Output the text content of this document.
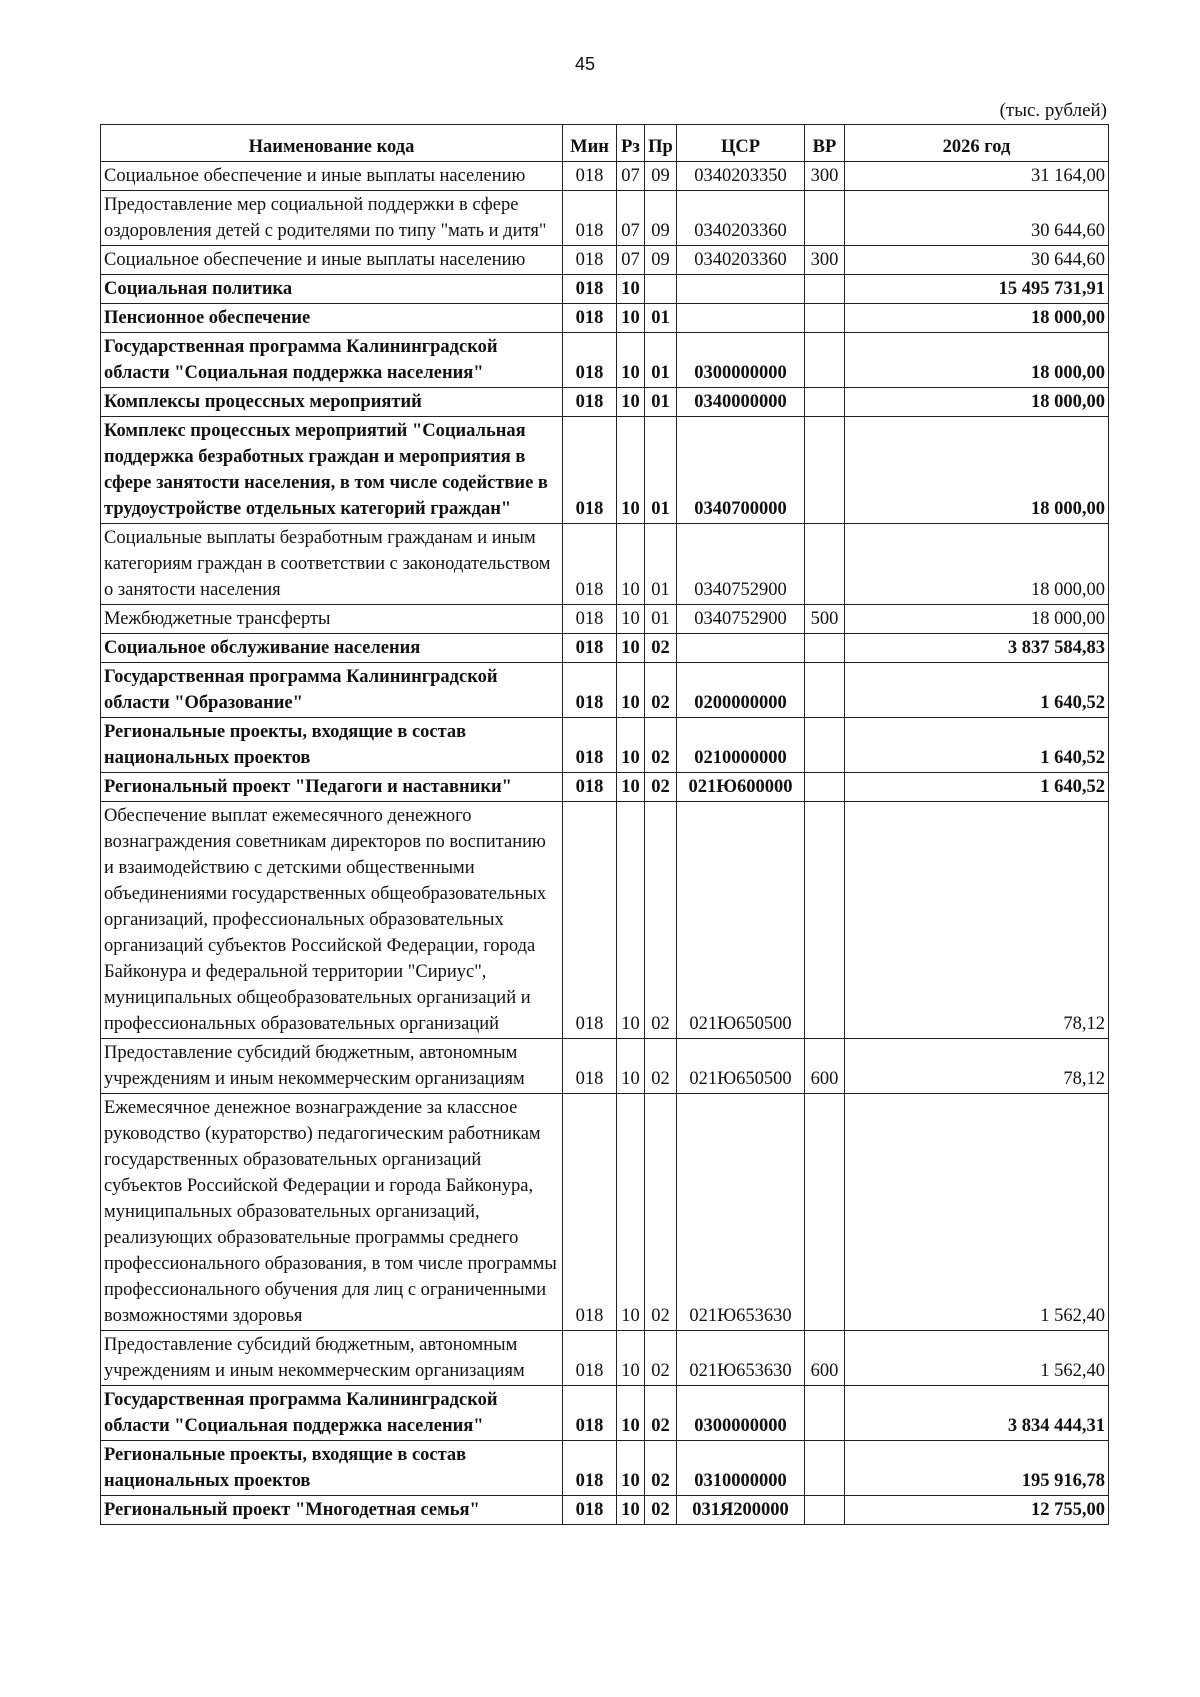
45
(тыс. рублей)
Наименование кода	Мин	Рз	Пр	ЦСР	ВР	2026 год
Социальное обеспечение и иные выплаты населению	018	07	09	0340203350	300	31 164,00
Предоставление мер социальной поддержки в сфере оздоровления детей с родителями по типу "мать и дитя"	018	07	09	0340203360		30 644,60
Социальное обеспечение и иные выплаты населению	018	07	09	0340203360	300	30 644,60
Социальная политика	018	10				15 495 731,91
Пенсионное обеспечение	018	10	01			18 000,00
Государственная программа Калининградской области "Социальная поддержка населения"	018	10	01	0300000000		18 000,00
Комплексы процессных мероприятий	018	10	01	0340000000		18 000,00
Комплекс процессных мероприятий "Социальная поддержка безработных граждан и мероприятия в сфере занятости населения, в том числе содействие в трудоустройстве отдельных категорий граждан"	018	10	01	0340700000		18 000,00
Социальные выплаты безработным гражданам и иным категориям граждан в соответствии с законодательством о занятости населения	018	10	01	0340752900		18 000,00
Межбюджетные трансферты	018	10	01	0340752900	500	18 000,00
Социальное обслуживание населения	018	10	02			3 837 584,83
Государственная программа Калининградской области "Образование"	018	10	02	0200000000		1 640,52
Региональные проекты, входящие в состав национальных проектов	018	10	02	0210000000		1 640,52
Региональный проект "Педагоги и наставники"	018	10	02	021Ю600000		1 640,52
Обеспечение выплат ежемесячного денежного вознаграждения советникам директоров по воспитанию и взаимодействию с детскими общественными объединениями государственных общеобразовательных организаций, профессиональных образовательных организаций субъектов Российской Федерации, города Байконура и федеральной территории "Сириус", муниципальных общеобразовательных организаций и профессиональных образовательных организаций	018	10	02	021Ю650500		78,12
Предоставление субсидий бюджетным, автономным учреждениям и иным некоммерческим организациям	018	10	02	021Ю650500	600	78,12
Ежемесячное денежное вознаграждение за классное руководство (кураторство) педагогическим работникам государственных образовательных организаций субъектов Российской Федерации и города Байконура, муниципальных образовательных организаций, реализующих образовательные программы среднего профессионального образования, в том числе программы профессионального обучения для лиц с ограниченными возможностями здоровья	018	10	02	021Ю653630		1 562,40
Предоставление субсидий бюджетным, автономным учреждениям и иным некоммерческим организациям	018	10	02	021Ю653630	600	1 562,40
Государственная программа Калининградской области "Социальная поддержка населения"	018	10	02	0300000000		3 834 444,31
Региональные проекты, входящие в состав национальных проектов	018	10	02	0310000000		195 916,78
Региональный проект "Многодетная семья"	018	10	02	031Я200000		12 755,00
